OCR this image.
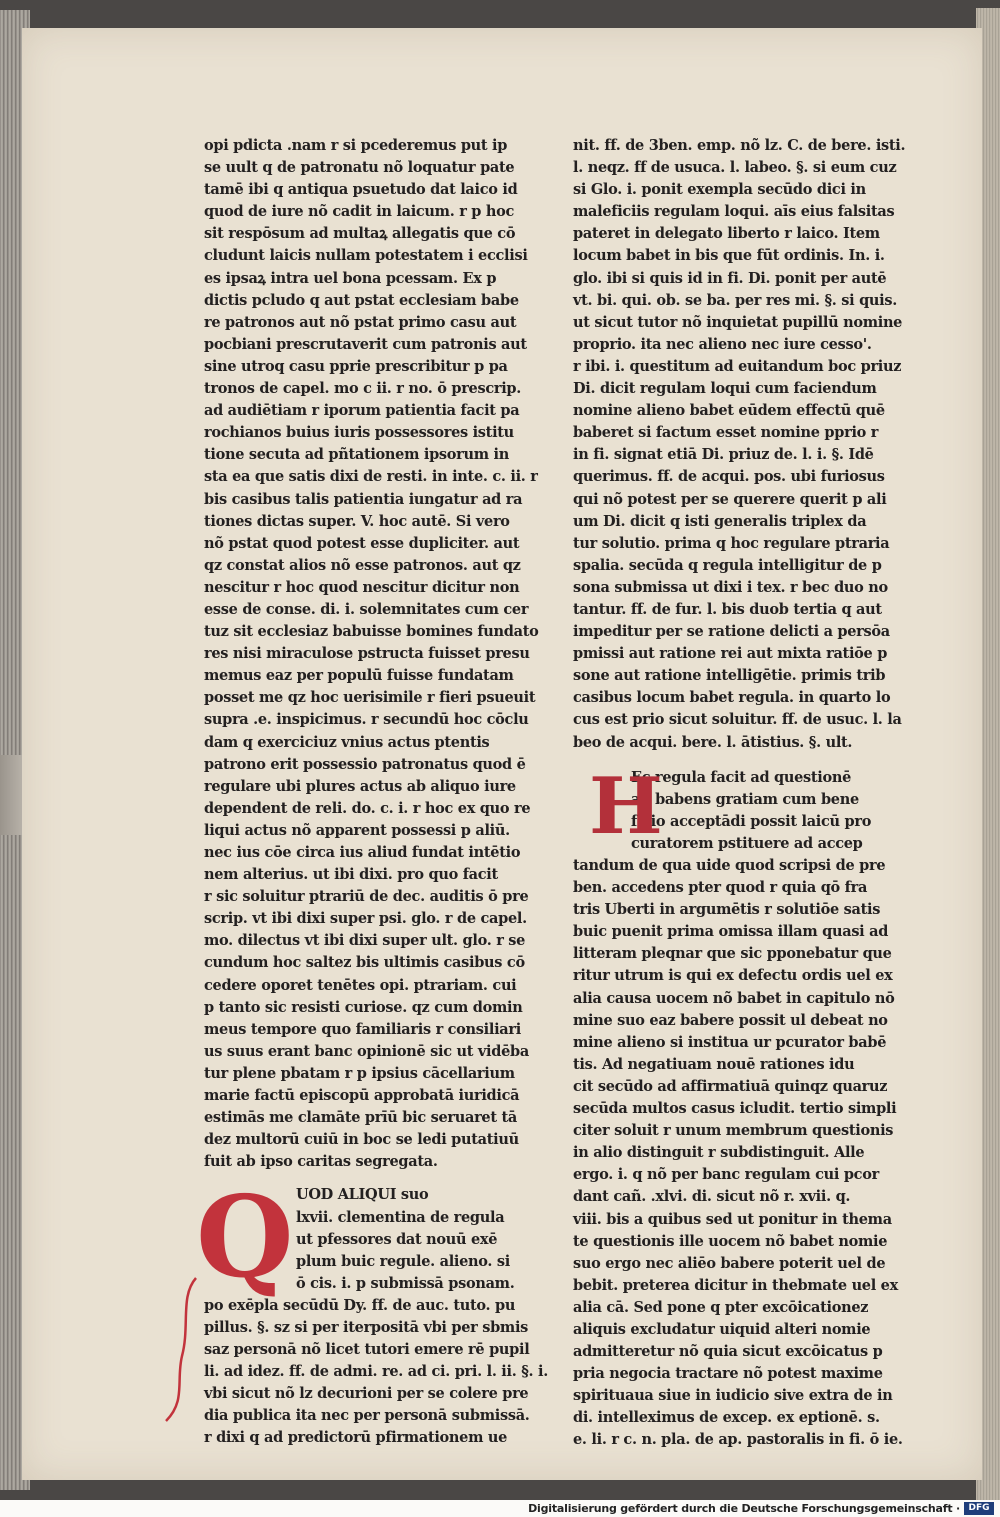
opi pdicta .nam r si pcederemus put ip
se uult q de patronatu nõ loquatur pate
tamē ibi q antiqua psuetudo dat laico id
quod de iure nõ cadit in laicum. r p hoc
sit respōsum ad multaꝝ allegatis que cō
cludunt laicis nullam potestatem i ecclisi
es ipsaꝝ intra uel bona pcessam. Ex p
dictis pcludo q aut pstat ecclesiam babe
re patronos aut nõ pstat primo casu aut
pocbiani prescrutaverit cum patronis aut
sine utroq casu pprie prescribitur p pa
tronos de capel. mo c ii. r no. ō prescrip.
ad audiētiam r iporum patientia facit pa
rochianos buius iuris possessores istitu
tione secuta ad pñtationem ipsorum in
sta ea que satis dixi de resti. in inte. c. ii. r
bis casibus talis patientia iungatur ad ra
tiones dictas super. V. hoc autē. Si vero
nõ pstat quod potest esse dupliciter. aut
qz constat alios nõ esse patronos. aut qz
nescitur r hoc quod nescitur dicitur non
esse de conse. di. i. solemnitates cum cer
tuz sit ecclesiaz babuisse bomines fundato
res nisi miraculose pstructa fuisset presu
memus eaz per populū fuisse fundatam
posset me qz hoc uerisimile r fieri psueuit
supra .e. inspicimus. r secundū hoc cōclu
dam q exerciciuz vnius actus ptentis
patrono erit possessio patronatus quod ē
regulare ubi plures actus ab aliquo iure
dependent de reli. do. c. i. r hoc ex quo re
liqui actus nõ apparent possessi p aliū.
nec ius cōe circa ius aliud fundat intētio
nem alterius. ut ibi dixi. pro quo facit
r sic soluitur ptrariū de dec. auditis ō pre
scrip. vt ibi dixi super psi. glo. r de capel.
mo. dilectus vt ibi dixi super ult. glo. r se
cundum hoc saltez bis ultimis casibus cō
cedere oporet tenētes opi. ptrariam. cui
p tanto sic resisti curiose. qz cum domin
meus tempore quo familiaris r consiliari
us suus erant banc opinionē sic ut vidēba
tur plene pbatam r p ipsius cācellarium
marie factū episcopū approbatā iuridicā
estimās me clamāte prīū bic seruaret tā
dez multorū cuiū in boc se ledi putatiuū
fuit ab ipso caritas segregata.
Q UOD ALIQUI suo
lxvii. clementina de regula
ut pfessores dat nouū exē
plum buic regule. alieno. si
ō cis. i. p submissā psonam.
po exēpla secūdū Dy. ff. de auc. tuto. pu
pillus. §. sz si per iterpositā vbi per sbmis
saz personā nõ licet tutori emere rē pupil
li. ad idez. ff. de admi. re. ad ci. pri. l. ii. §. i.
vbi sicut nõ lz decurioni per se colere pre
dia publica ita nec per personā submissā.
r dixi q ad predictorū pfirmationem ue
nit. ff. de 3ben. emp. nõ lz. C. de bere. isti.
l. neqz. ff de usuca. l. labeo. §. si eum cuz
si Glo. i. ponit exempla secūdo dici in
maleficiis regulam loqui. aīs eius falsitas
pateret in delegato liberto r laico. Item
locum babet in bis que fūt ordinis. In. i.
glo. ibi si quis id in fi. Di. ponit per autē
vt. bi. qui. ob. se ba. per res mi. §. si quis.
ut sicut tutor nõ inquietat pupillū nomine
proprio. ita nec alieno nec iure cesso'.
r ibi. i. questitum ad euitandum boc priuz
Di. dicit regulam loqui cum faciendum
nomine alieno babet eūdem effectū quē
baberet si factum esset nomine pprio r
in fi. signat etiā Di. priuz de. l. i. §. Idē
querimus. ff. de acqui. pos. ubi furiosus
qui nõ potest per se querere querit p ali
um Di. dicit q isti generalis triplex da
tur solutio. prima q hoc regulare ptraria
spalia. secūda q regula intelligitur de p
sona submissa ut dixi i tex. r bec duo no
tantur. ff. de fur. l. bis duob tertia q aut
impeditur per se ratione delicti a persōa
pmissi aut ratione rei aut mixta ratiōe p
sone aut ratione intelligētie. primis trib
casibus locum babet regula. in quarto lo
cus est prio sicut soluitur. ff. de usuc. l. la
beo de acqui. bere. l. ātistius. §. ult.
H
Ec regula facit ad questionē
an babens gratiam cum bene
ficio acceptādi possit laicū pro
curatorem pstituere ad accep
tandum de qua uide quod scripsi de pre
ben. accedens pter quod r quia qō fra
tris Uberti in argumētis r solutiōe satis
buic puenit prima omissa illam quasi ad
litteram pleqnar que sic pponebatur que
ritur utrum is qui ex defectu ordis uel ex
alia causa uocem nõ babet in capitulo nō
mine suo eaz babere possit ul debeat no
mine alieno si institua ur pcurator babē
tis. Ad negatiuam nouē rationes idu
cit secūdo ad affirmatiuā quinqz quaruz
secūda multos casus icludit. tertio simpli
citer soluit r unum membrum questionis
in alio distinguit r subdistinguit. Alle
ergo. i. q nõ per banc regulam cui pcor
dant cañ. .xlvi. di. sicut nõ r. xvii. q.
viii. bis a quibus sed ut ponitur in thema
te questionis ille uocem nõ babet nomie
suo ergo nec aliēo babere poterit uel de
bebit. preterea dicitur in thebmate uel ex
alia cā. Sed pone q pter excōicationez
aliquis excludatur uiquid alteri nomie
admitteretur nõ quia sicut excōicatus p
pria negocia tractare nõ potest maxime
spirituaua siue in iudicio sive extra de in
di. intelleximus de excep. ex eptionē. s.
e. li. r c. n. pla. de ap. pastoralis in fi. ō ie.
Digitalisierung gefördert durch die Deutsche Forschungsgemeinschaft · DFG
